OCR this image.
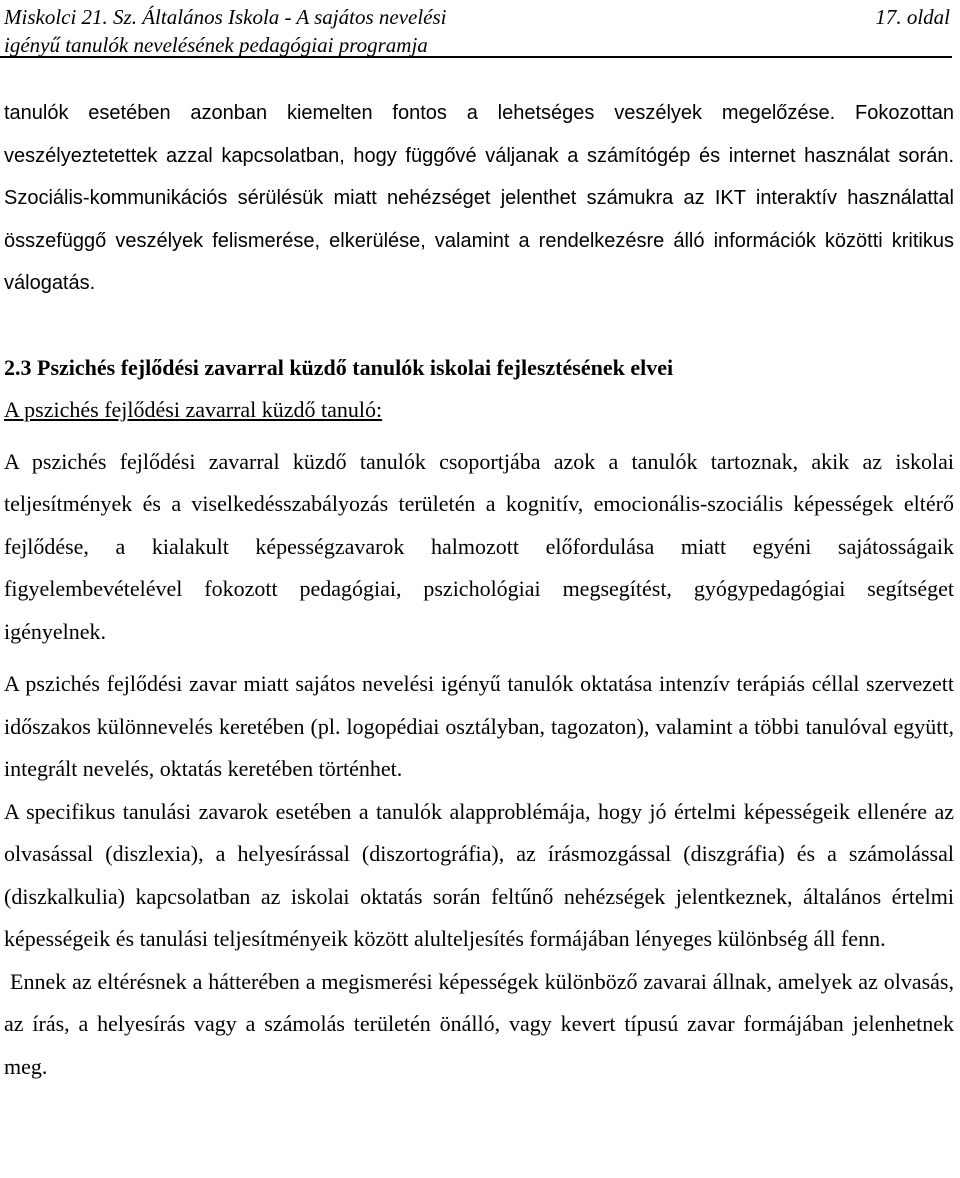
Miskolci 21. Sz. Általános Iskola - A sajátos nevelési
igényű tanulók nevelésének pedagógiai programja
17. oldal

tanulók esetében azonban kiemelten fontos a lehetséges veszélyek megelőzése. Fokozottan veszélyeztetettek azzal kapcsolatban, hogy függővé váljanak a számítógép és internet használat során. Szociális-kommunikációs sérülésük miatt nehézséget jelenthet számukra az IKT interaktív használattal összefüggő veszélyek felismerése, elkerülése, valamint a rendelkezésre álló információk közötti kritikus válogatás.

2.3 Pszichés fejlődési zavarral küzdő tanulók iskolai fejlesztésének elvei

A pszichés fejlődési zavarral küzdő tanuló:

A pszichés fejlődési zavarral küzdő tanulók csoportjába azok a tanulók tartoznak, akik az iskolai teljesítmények és a viselkedésszabályozás területén a kognitív, emocionális-szociális képességek eltérő fejlődése, a kialakult képességzavarok halmozott előfordulása miatt egyéni sajátosságaik figyelembevételével fokozott pedagógiai, pszichológiai megsegítést, gyógypedagógiai segítséget igényelnek.

A pszichés fejlődési zavar miatt sajátos nevelési igényű tanulók oktatása intenzív terápiás céllal szervezett időszakos különnevelés keretében (pl. logopédiai osztályban, tagozaton), valamint a többi tanulóval együtt, integrált nevelés, oktatás keretében történhet.

A specifikus tanulási zavarok esetében a tanulók alapproblémája, hogy jó értelmi képességeik ellenére az olvasással (diszlexia), a helyesírással (diszortográfia), az írásmozgással (diszgráfia) és a számolással (diszkalkulia) kapcsolatban az iskolai oktatás során feltűnő nehézségek jelentkeznek, általános értelmi képességeik és tanulási teljesítményeik között alulteljesítés formájában lényeges különbség áll fenn.

Ennek az eltérésnek a hátterében a megismerési képességek különböző zavarai állnak, amelyek az olvasás, az írás, a helyesírás vagy a számolás területén önálló, vagy kevert típusú zavar formájában jelenhetnek meg.
